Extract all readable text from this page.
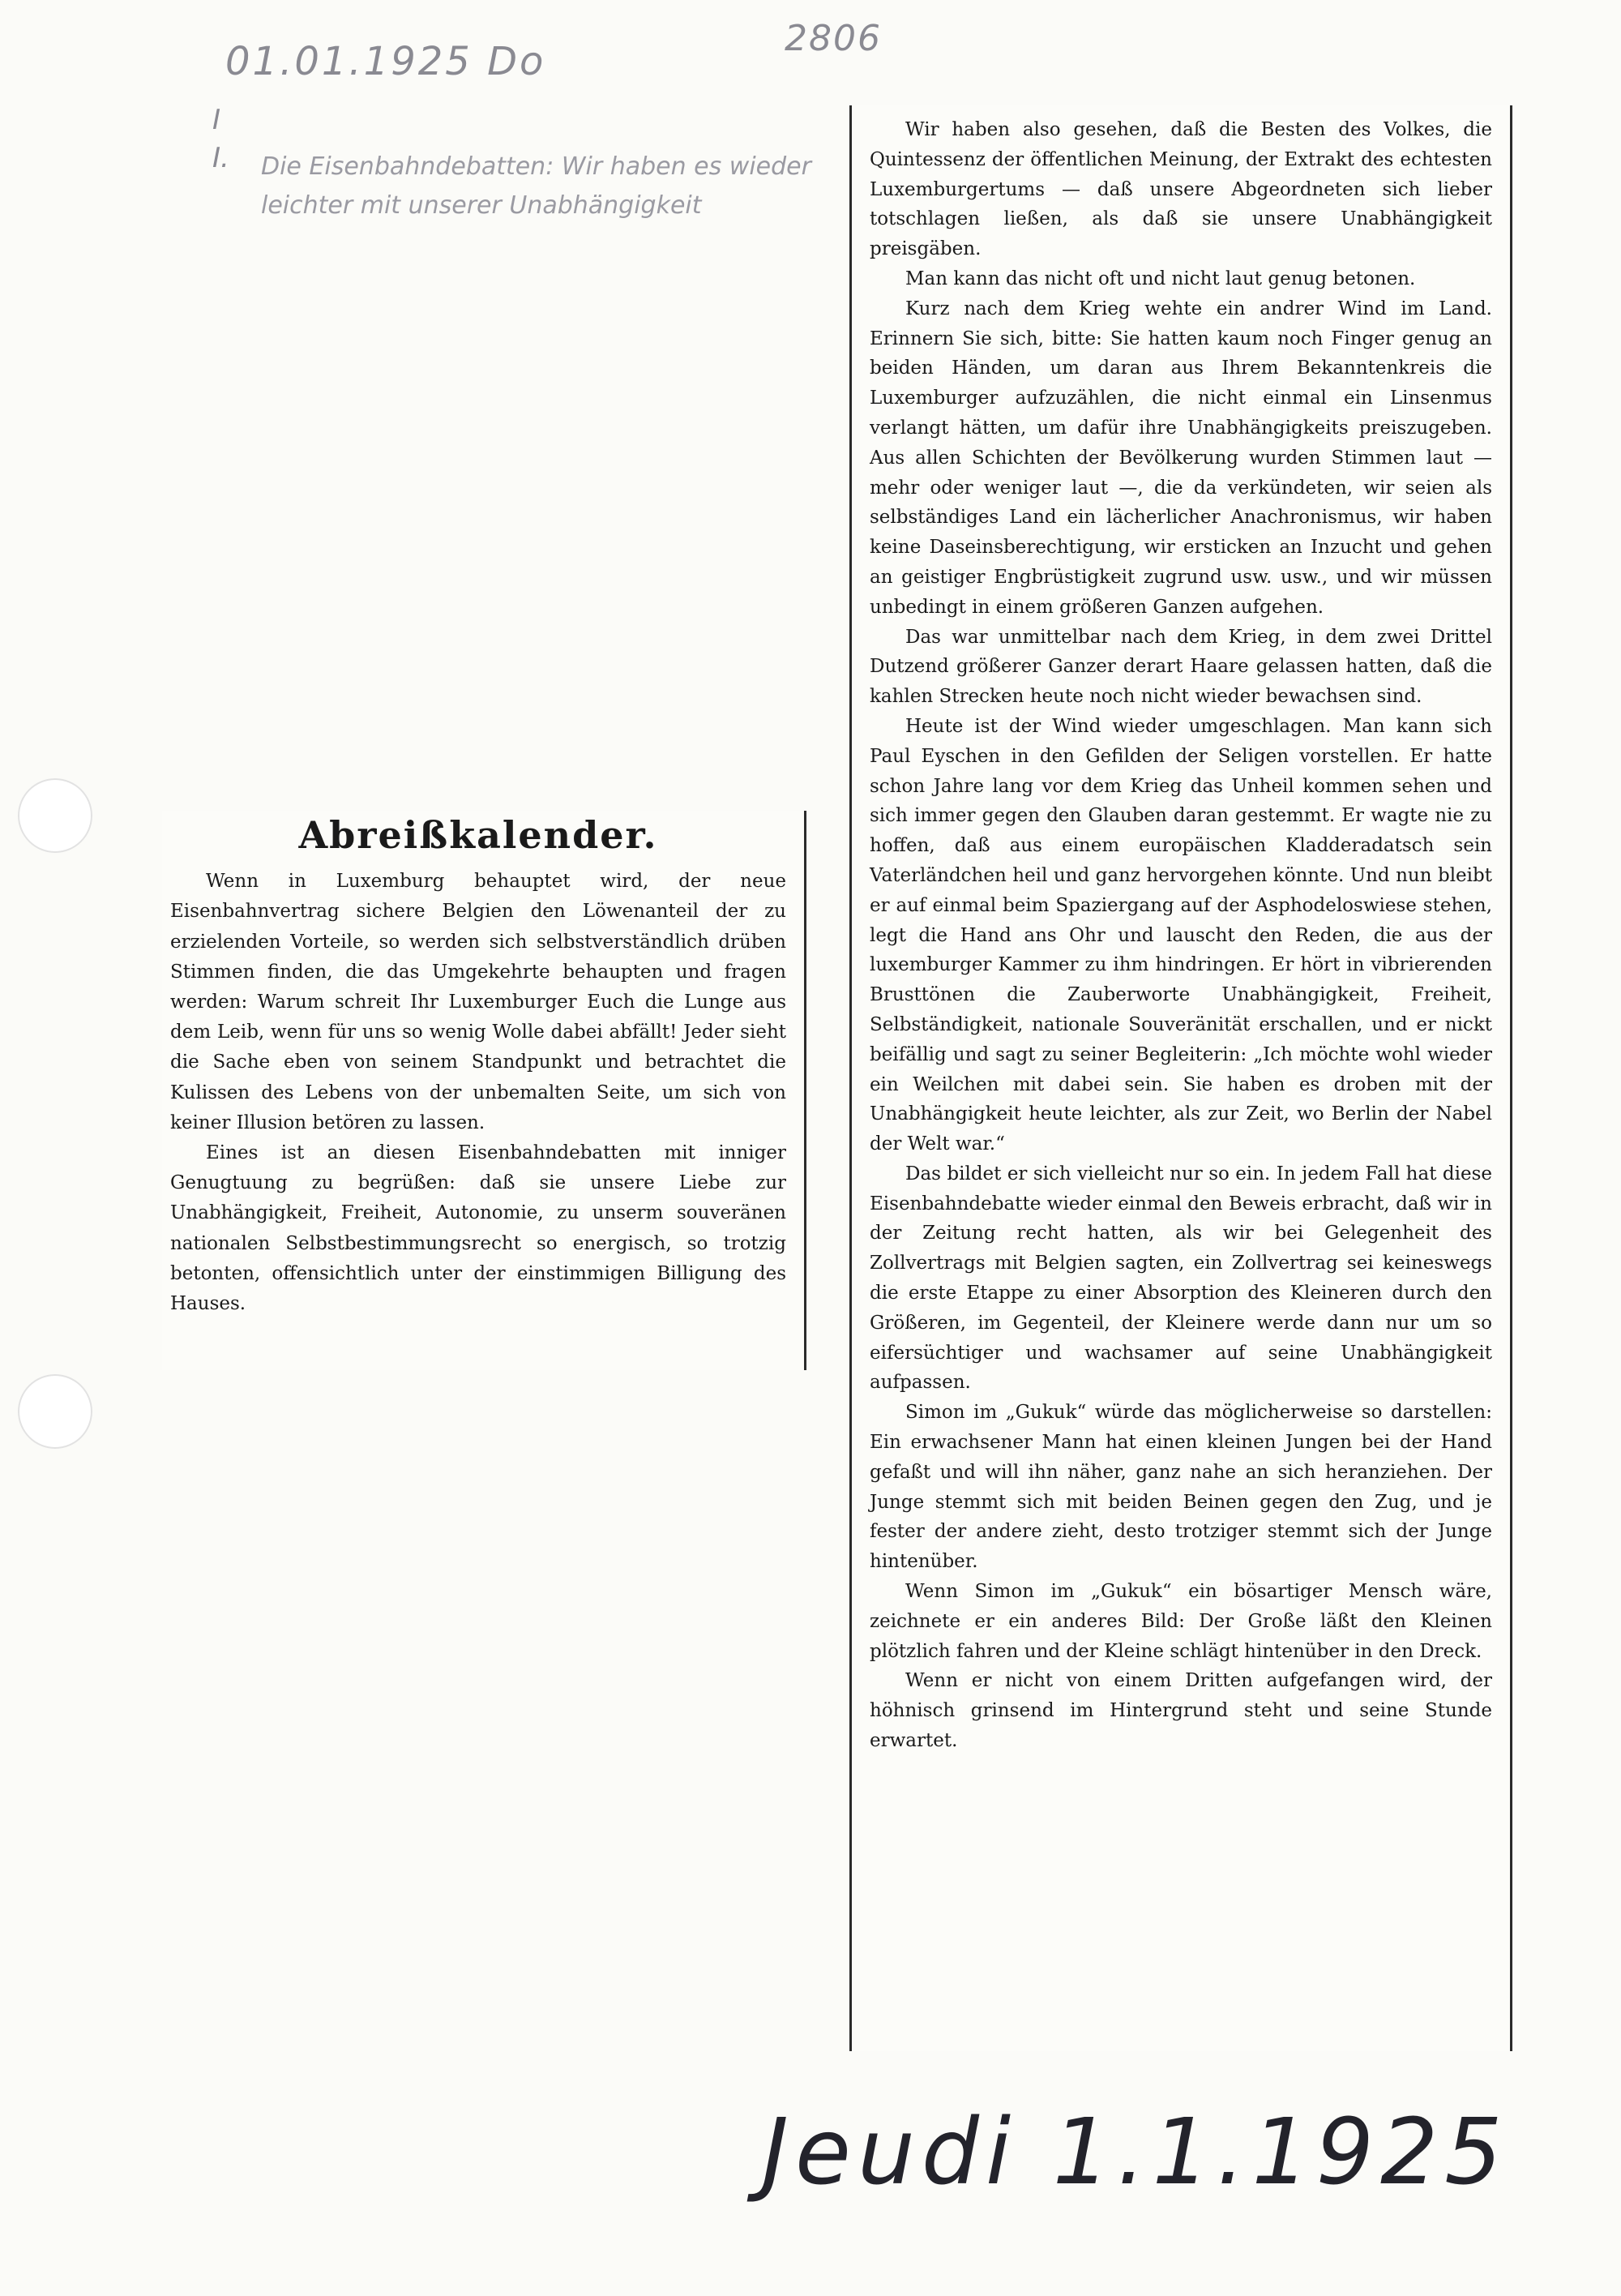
01.01.1925 Do
2806
I
I. Die Eisenbahndebatten: Wir haben es wieder leichter mit unserer Unabhängigkeit
Abreißkalender.

Wenn in Luxemburg behauptet wird, der neue Eisenbahnvertrag sichere Belgien den Löwenanteil der zu erzielenden Vorteile, so werden sich selbstverständlich drüben Stimmen finden, die das Umgekehrte behaupten und fragen werden: Warum schreit Ihr Luxemburger Euch die Lunge aus dem Leib, wenn für uns so wenig Wolle dabei abfällt! Jeder sieht die Sache eben von seinem Standpunkt und betrachtet die Kulissen des Lebens von der unbemalten Seite, um sich von keiner Illusion betören zu lassen.

Eines ist an diesen Eisenbahndebatten mit inniger Genugtuung zu begrüßen: daß sie unsere Liebe zur Unabhängigkeit, Freiheit, Autonomie, zu unserm souveränen nationalen Selbstbestimmungsrecht so energisch, so trotzig betonten, offensichtlich unter der einstimmigen Billigung des Hauses.

Wir haben also gesehen, daß die Besten des Volkes, die Quintessenz der öffentlichen Meinung, der Extrakt des echtesten Luxemburgertums — daß unsere Abgeordneten sich lieber totschlagen ließen, als daß sie unsere Unabhängigkeit preisgäben.

Man kann das nicht oft und nicht laut genug betonen.

Kurz nach dem Krieg wehte ein andrer Wind im Land. Erinnern Sie sich, bitte: Sie hatten kaum noch Finger genug an beiden Händen, um daran aus Ihrem Bekanntenkreis die Luxemburger aufzuzählen, die nicht einmal ein Linsenmus verlangt hätten, um dafür ihre Unabhängigkeits preiszugeben. Aus allen Schichten der Bevölkerung wurden Stimmen laut — mehr oder weniger laut —, die da verkündeten, wir seien als selbständiges Land ein lächerlicher Anachronismus, wir haben keine Daseinsberechtigung, wir ersticken an Inzucht und gehen an geistiger Engbrüstigkeit zugrund usw. usw., und wir müssen unbedingt in einem größeren Ganzen aufgehen.

Das war unmittelbar nach dem Krieg, in dem zwei Drittel Dutzend größerer Ganzer derart Haare gelassen hatten, daß die kahlen Strecken heute noch nicht wieder bewachsen sind.

Heute ist der Wind wieder umgeschlagen. Man kann sich Paul Eyschen in den Gefilden der Seligen vorstellen. Er hatte schon Jahre lang vor dem Krieg das Unheil kommen sehen und sich immer gegen den Glauben daran gestemmt. Er wagte nie zu hoffen, daß aus einem europäischen Kladderadatsch sein Vaterländchen heil und ganz hervorgehen könnte. Und nun bleibt er auf einmal beim Spaziergang auf der Asphodeloswiese stehen, legt die Hand ans Ohr und lauscht den Reden, die aus der luxemburger Kammer zu ihm hindringen. Er hört in vibrierenden Brusttönen die Zauberworte Unabhängigkeit, Freiheit, Selbständigkeit, nationale Souveränität erschallen, und er nickt beifällig und sagt zu seiner Begleiterin: „Ich möchte wohl wieder ein Weilchen mit dabei sein. Sie haben es droben mit der Unabhängigkeit heute leichter, als zur Zeit, wo Berlin der Nabel der Welt war.“

Das bildet er sich vielleicht nur so ein. In jedem Fall hat diese Eisenbahndebatte wieder einmal den Beweis erbracht, daß wir in der Zeitung recht hatten, als wir bei Gelegenheit des Zollvertrags mit Belgien sagten, ein Zollvertrag sei keineswegs die erste Etappe zu einer Absorption des Kleineren durch den Größeren, im Gegenteil, der Kleinere werde dann nur um so eifersüchtiger und wachsamer auf seine Unabhängigkeit aufpassen.

Simon im „Gukuk“ würde das möglicherweise so darstellen: Ein erwachsener Mann hat einen kleinen Jungen bei der Hand gefaßt und will ihn näher, ganz nahe an sich heranziehen. Der Junge stemmt sich mit beiden Beinen gegen den Zug, und je fester der andere zieht, desto trotziger stemmt sich der Junge hintenüber.

Wenn Simon im „Gukuk“ ein bösartiger Mensch wäre, zeichnete er ein anderes Bild: Der Große läßt den Kleinen plötzlich fahren und der Kleine schlägt hintenüber in den Dreck.

Wenn er nicht von einem Dritten aufgefangen wird, der höhnisch grinsend im Hintergrund steht und seine Stunde erwartet.

Jeudi 1.1.1925
